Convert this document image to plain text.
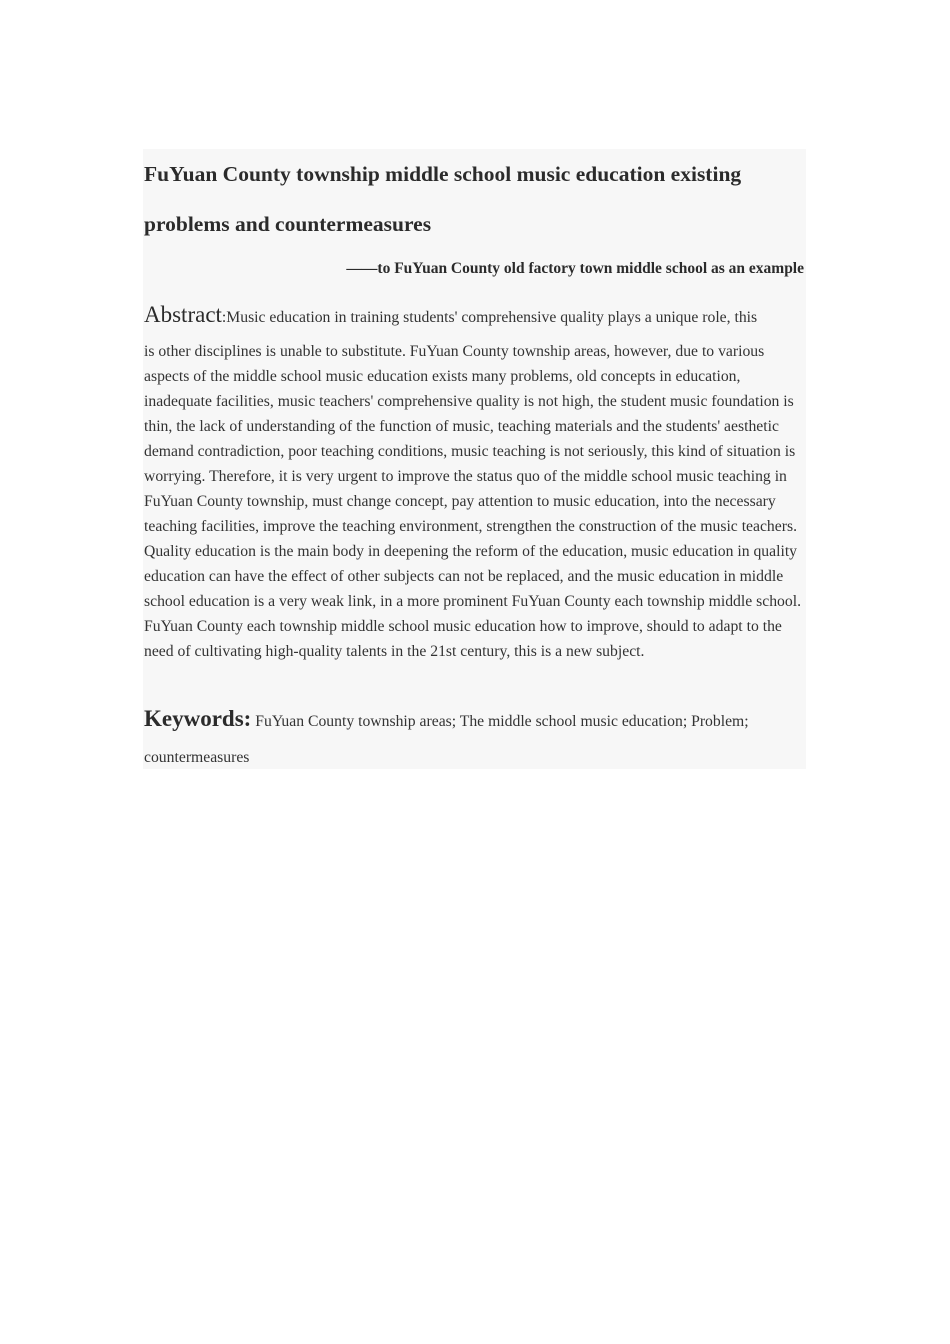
FuYuan County township middle school music education existing problems and countermeasures

——to FuYuan County old factory town middle school as an example

Abstract:Music education in training students' comprehensive quality plays a unique role, this
is other disciplines is unable to substitute. FuYuan County township areas, however, due to various aspects of the middle school music education exists many problems, old concepts in education, inadequate facilities, music teachers' comprehensive quality is not high, the student music foundation is thin, the lack of understanding of the function of music, teaching materials and the students' aesthetic demand contradiction, poor teaching conditions, music teaching is not seriously, this kind of situation is worrying. Therefore, it is very urgent to improve the status quo of the middle school music teaching in FuYuan County township, must change concept, pay attention to music education, into the necessary teaching facilities, improve the teaching environment, strengthen the construction of the music teachers. Quality education is the main body in deepening the reform of the education, music education in quality education can have the effect of other subjects can not be replaced, and the music education in middle school education is a very weak link, in a more prominent FuYuan County each township middle school. FuYuan County each township middle school music education how to improve, should to adapt to the need of cultivating high-quality talents in the 21st century, this is a new subject.

Keywords: FuYuan County township areas; The middle school music education; Problem; countermeasures
